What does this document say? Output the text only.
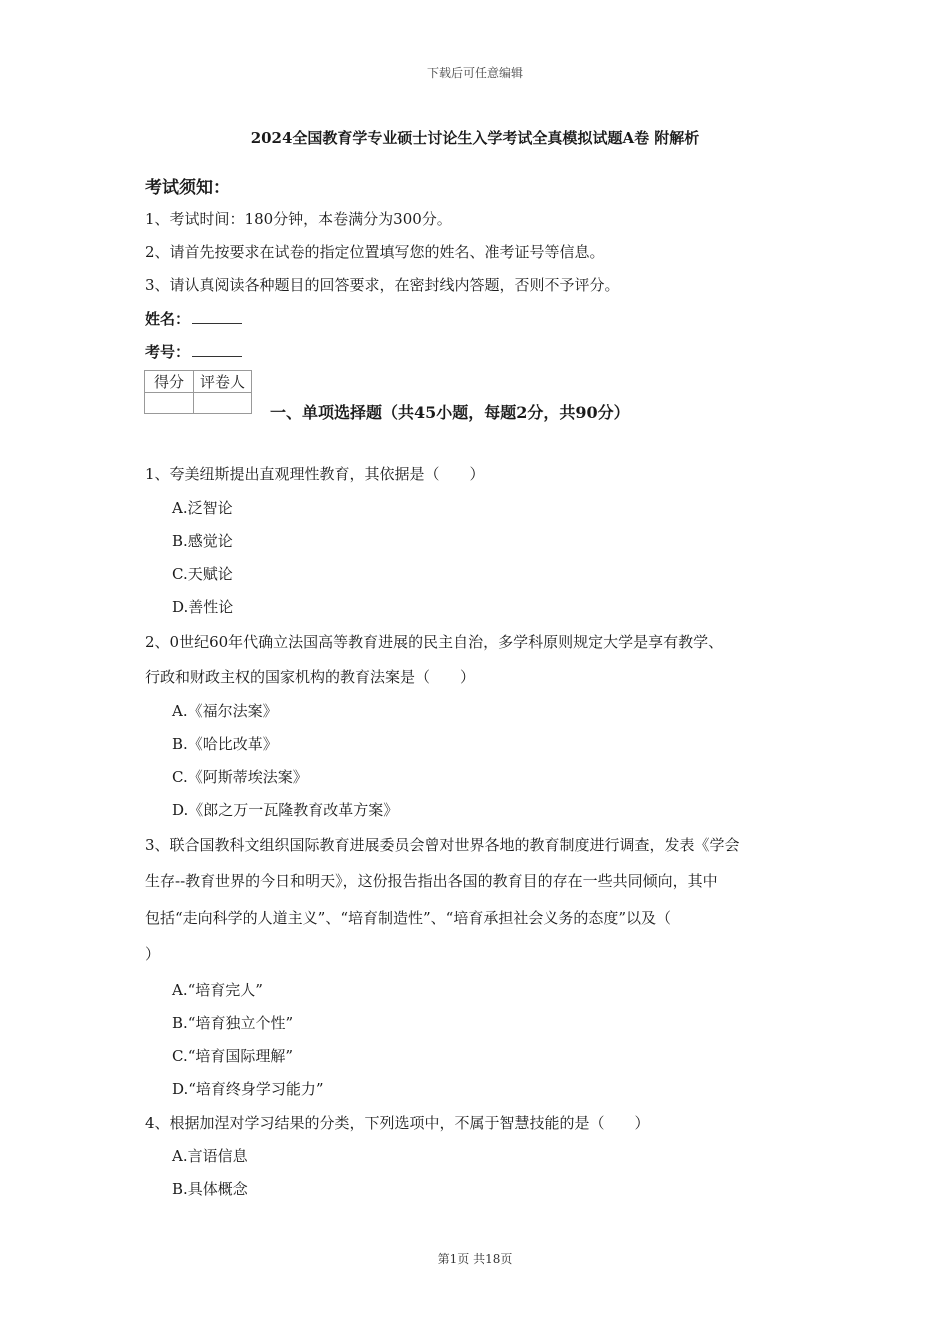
下载后可任意编辑
2024全国教育学专业硕士讨论生入学考试全真模拟试题A卷 附解析
考试须知：
1、考试时间：180分钟，本卷满分为300分。
2、请首先按要求在试卷的指定位置填写您的姓名、准考证号等信息。
3、请认真阅读各种题目的回答要求，在密封线内答题，否则不予评分。
姓名：
考号：
得分	评卷人

一、单项选择题（共45小题，每题2分，共90分）
1、夸美纽斯提出直观理性教育，其依据是（　　）
A.泛智论
B.感觉论
C.天赋论
D.善性论
2、0世纪60年代确立法国高等教育进展的民主自治，多学科原则规定大学是享有教学、
行政和财政主权的国家机构的教育法案是（　　）
A.《福尔法案》
B.《哈比改革》
C.《阿斯蒂埃法案》
D.《郎之万一瓦隆教育改革方案》
3、联合国教科文组织国际教育进展委员会曾对世界各地的教育制度进行调查，发表《学会
生存--教育世界的今日和明天》，这份报告指出各国的教育目的存在一些共同倾向，其中
包括“走向科学的人道主义”、“培育制造性”、“培育承担社会义务的态度”以及（
）
A.“培育完人”
B.“培育独立个性”
C.“培育国际理解”
D.“培育终身学习能力”
4、根据加涅对学习结果的分类，下列选项中，不属于智慧技能的是（　　）
A.言语信息
B.具体概念
第1页 共18页
